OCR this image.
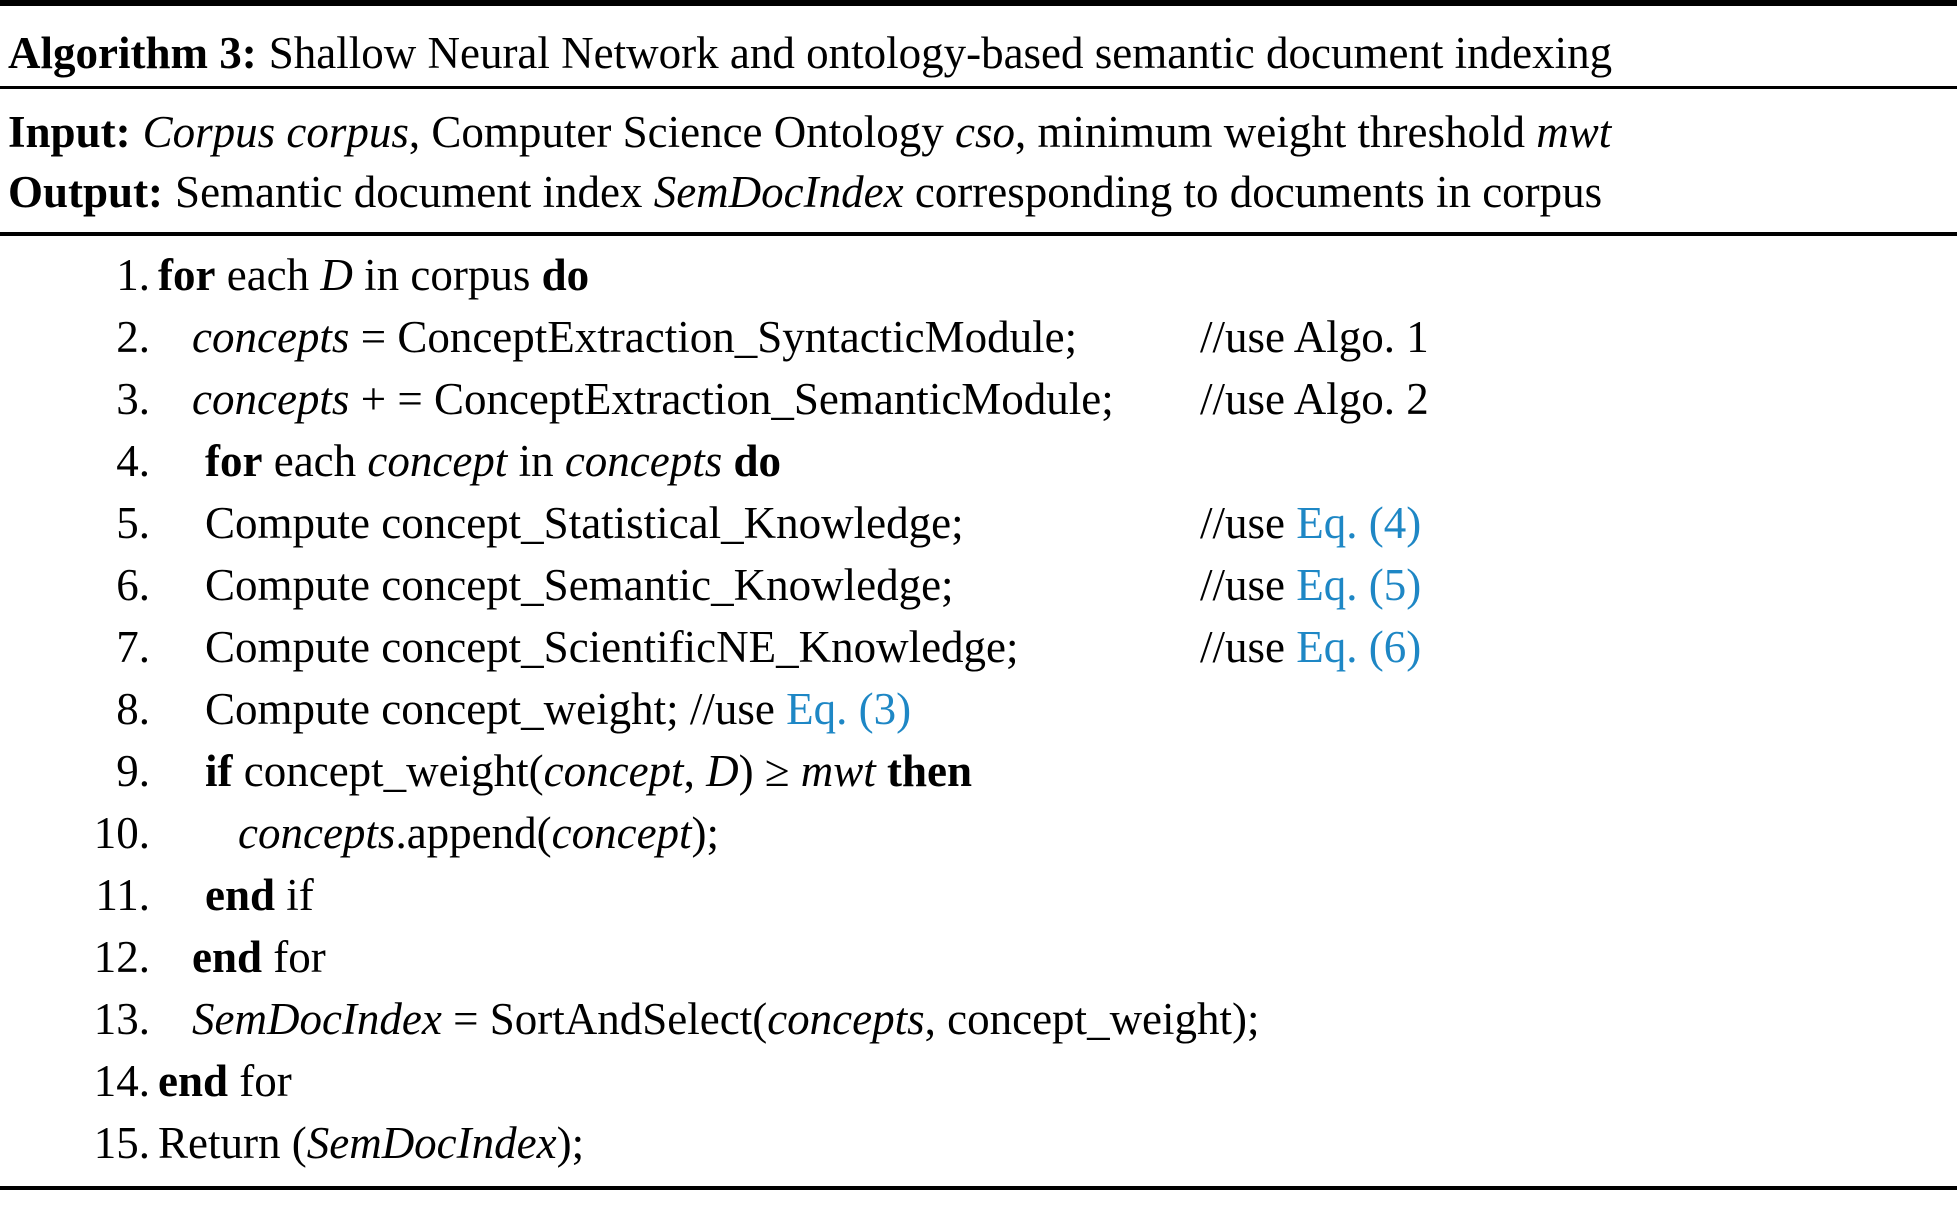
Algorithm 3: Shallow Neural Network and ontology-based semantic document indexing
Input: Corpus corpus, Computer Science Ontology cso, minimum weight threshold mwt
Output: Semantic document index SemDocIndex corresponding to documents in corpus
1. for each D in corpus do
2. concepts = ConceptExtraction_SyntacticModule;	//use Algo. 1
3. concepts + = ConceptExtraction_SemanticModule; //use Algo. 2
4. for each concept in concepts do
5. Compute concept_Statistical_Knowledge;	//use Eq. (4)
6. Compute concept_Semantic_Knowledge;	//use Eq. (5)
7. Compute concept_ScientificNE_Knowledge;	//use Eq. (6)
8. Compute concept_weight; //use Eq. (3)
9. if concept_weight(concept, D) ≥ mwt then
10. concepts.append(concept);
11. end if
12. end for
13. SemDocIndex = SortAndSelect(concepts, concept_weight);
14. end for
15. Return (SemDocIndex);
